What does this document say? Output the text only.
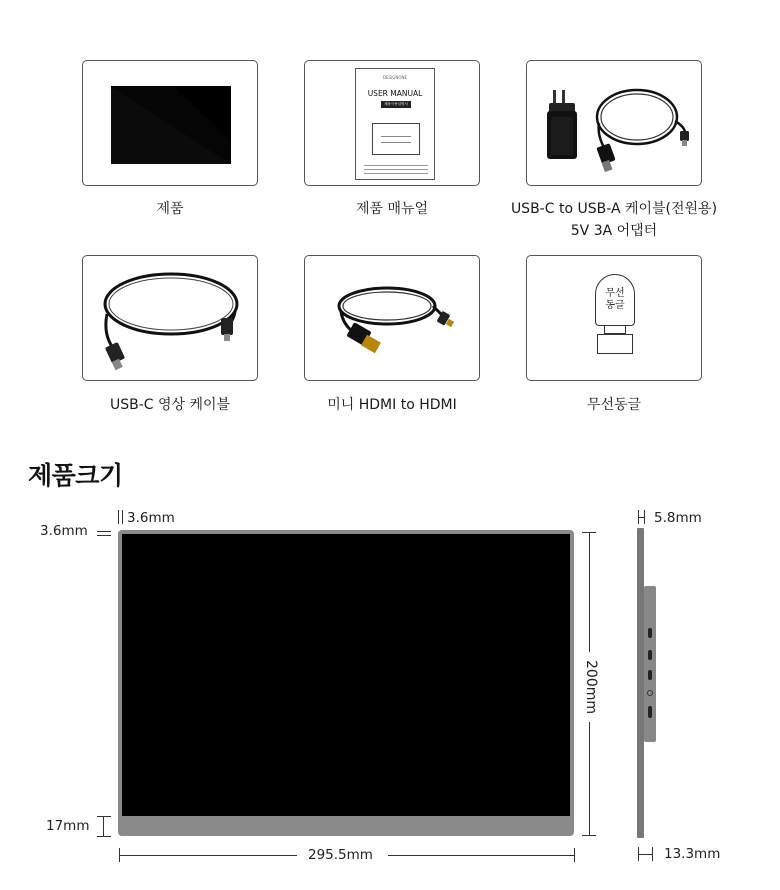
제품
DESIGNONE
USER MANUAL
제품사용설명서
제품 매뉴얼	USB-C to USB-A 케이블(전원용)
5V 3A 어댑터
USB-C 영상 케이블	미니 HDMI to HDMI
무선
동글
무선동글
제품크기
3.6mm
3.6mm
17mm
295.5mm
200mm
5.8mm
13.3mm
